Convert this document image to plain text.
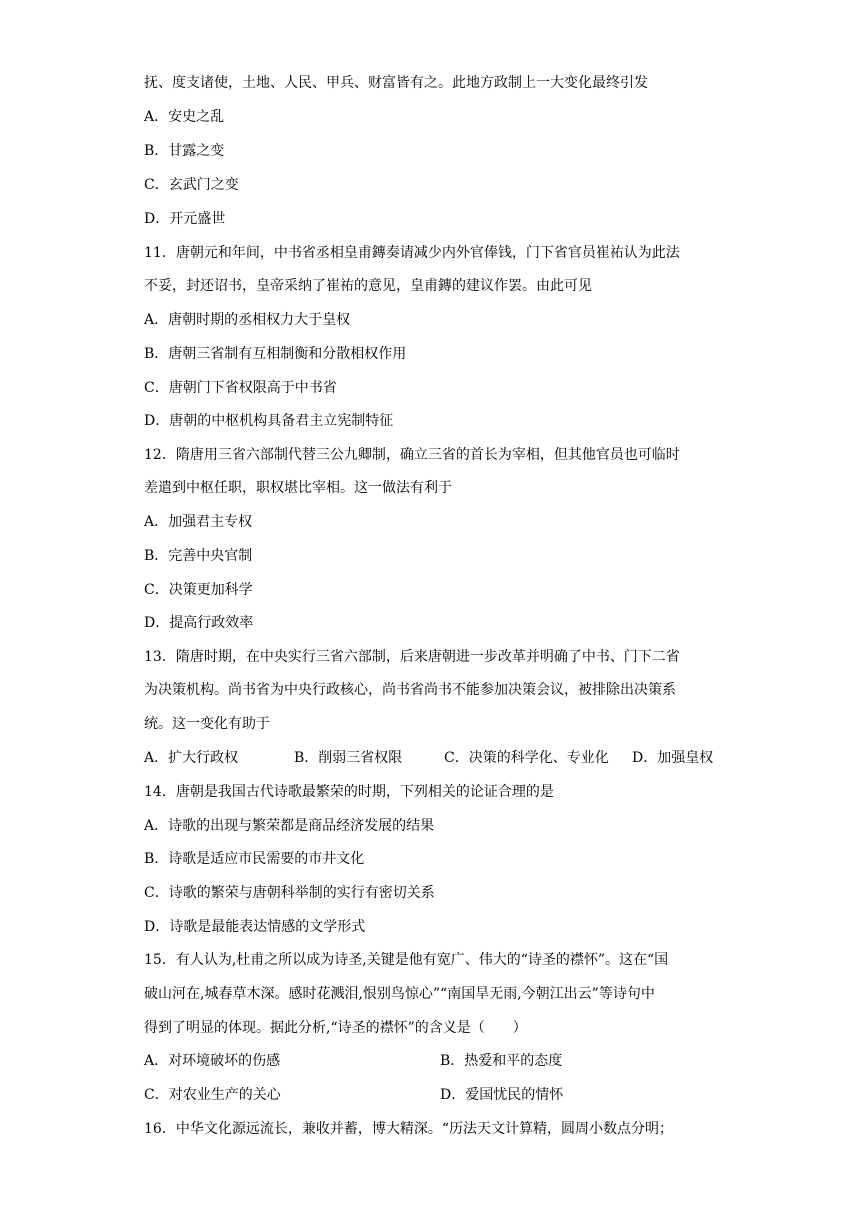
抚、度支诸使，土地、人民、甲兵、财富皆有之。此地方政制上一大变化最终引发
A．安史之乱
B．甘露之变
C．玄武门之变
D．开元盛世
11．唐朝元和年间，中书省丞相皇甫鏄奏请减少内外官俸钱，门下省官员崔祐认为此法
不妥，封还诏书，皇帝采纳了崔祐的意见，皇甫鏄的建议作罢。由此可见
A．唐朝时期的丞相权力大于皇权
B．唐朝三省制有互相制衡和分散相权作用
C．唐朝门下省权限高于中书省
D．唐朝的中枢机构具备君主立宪制特征
12．隋唐用三省六部制代替三公九卿制，确立三省的首长为宰相，但其他官员也可临时
差遣到中枢任职，职权堪比宰相。这一做法有利于
A．加强君主专权
B．完善中央官制
C．决策更加科学
D．提高行政效率
13．隋唐时期，在中央实行三省六部制，后来唐朝进一步改革并明确了中书、门下二省
为决策机构。尚书省为中央行政核心，尚书省尚书不能参加决策会议，被排除出决策系
统。这一变化有助于
14．唐朝是我国古代诗歌最繁荣的时期，下列相关的论证合理的是
A．诗歌的出现与繁荣都是商品经济发展的结果
B．诗歌是适应市民需要的市井文化
C．诗歌的繁荣与唐朝科举制的实行有密切关系
D．诗歌是最能表达情感的文学形式
15．有人认为,杜甫之所以成为诗圣,关键是他有宽广、伟大的“诗圣的襟怀”。这在“国
破山河在,城春草木深。感时花溅泪,恨别鸟惊心”“南国旱无雨,今朝江出云”等诗句中
得到了明显的体现。据此分析,“诗圣的襟怀”的含义是（　　）
16．中华文化源远流长，兼收并蓄，博大精深。“历法天文计算精，圆周小数点分明；
A．扩大行政权	B．削弱三省权限	C．决策的科学化、专业化 D．加强皇权
A．对环境破坏的伤感	B．热爱和平的态度
C．对农业生产的关心	D．爱国忧民的情怀
